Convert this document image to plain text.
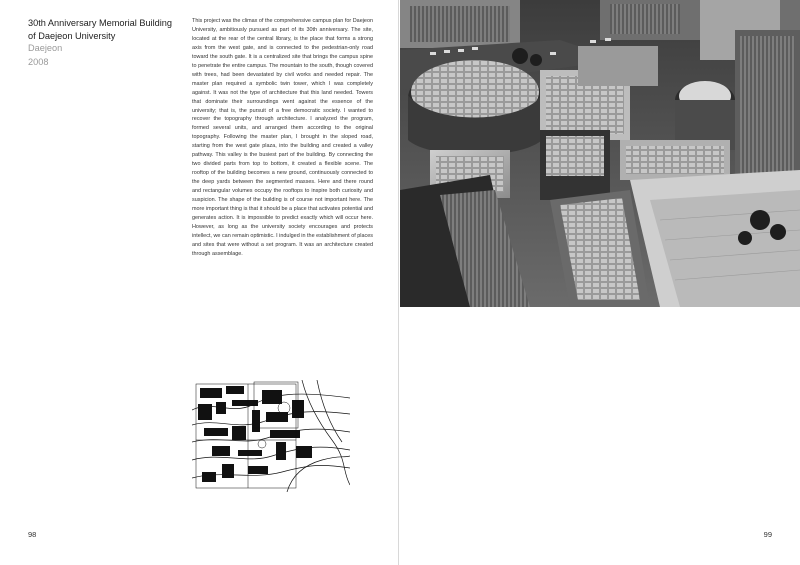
30th Anniversary Memorial Building of Daejeon University

Daejeon

2008

This project was the climax of the comprehensive campus plan for Daejeon University, ambitiously pursued as part of its 30th anniversary. The site, located at the rear of the central library, is the place that forms a strong axis from the west gate, and is connected to the pedestrian-only road toward the south gate. It is a centralized site that brings the campus spine to penetrate the entire campus. The mountain to the south, though covered with trees, had been devastated by civil works and needed repair. The master plan required a symbolic twin tower, which I was completely against. It was not the type of architecture that this land needed. Towers that dominate their surroundings went against the essence of the university; that is, the pursuit of a free democratic society. I wanted to recover the topography through architecture. I analyzed the program, formed several units, and arranged them according to the original topography. Following the master plan, I brought in the sloped road, starting from the west gate plaza, into the building and created a valley pathway. This valley is the busiest part of the building. By connecting the two divided parts from top to bottom, it created a flexible scene. The rooftop of the building becomes a new ground, continuously connected to the deep yards between the segmented masses. Here and there round and rectangular volumes occupy the rooftops to inspire both curiosity and suspicion. The shape of the building is of course not important here. The more important thing is that it should be a place that activates potential and generates action. It is impossible to predict exactly which will occur here. However, as long as the university society encourages and protects intellect, we can remain optimistic. I indulged in the establishment of places and sites that were without a set program. It was an architecture created through assemblage.

98	99
